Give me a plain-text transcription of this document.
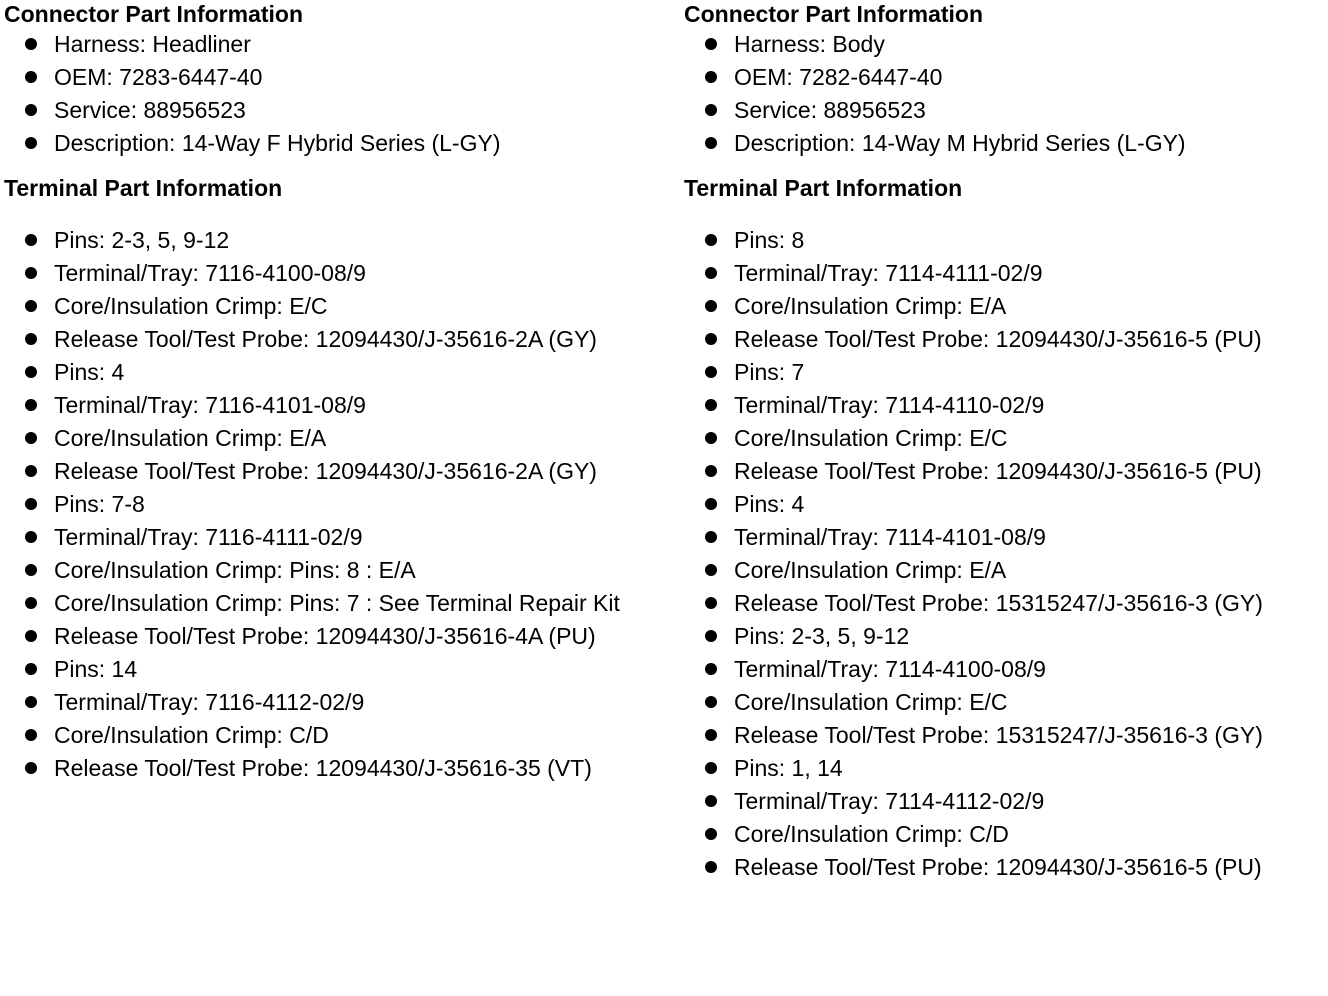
Connector Part Information
Harness: Headliner
OEM: 7283-6447-40
Service: 88956523
Description: 14-Way F Hybrid Series (L-GY)
Terminal Part Information
Pins: 2-3, 5, 9-12
Terminal/Tray: 7116-4100-08/9
Core/Insulation Crimp: E/C
Release Tool/Test Probe: 12094430/J-35616-2A (GY)
Pins: 4
Terminal/Tray: 7116-4101-08/9
Core/Insulation Crimp: E/A
Release Tool/Test Probe: 12094430/J-35616-2A (GY)
Pins: 7-8
Terminal/Tray: 7116-4111-02/9
Core/Insulation Crimp: Pins: 8 : E/A
Core/Insulation Crimp: Pins: 7 : See Terminal Repair Kit
Release Tool/Test Probe: 12094430/J-35616-4A (PU)
Pins: 14
Terminal/Tray: 7116-4112-02/9
Core/Insulation Crimp: C/D
Release Tool/Test Probe: 12094430/J-35616-35 (VT)
Connector Part Information
Harness: Body
OEM: 7282-6447-40
Service: 88956523
Description: 14-Way M Hybrid Series (L-GY)
Terminal Part Information
Pins: 8
Terminal/Tray: 7114-4111-02/9
Core/Insulation Crimp: E/A
Release Tool/Test Probe: 12094430/J-35616-5 (PU)
Pins: 7
Terminal/Tray: 7114-4110-02/9
Core/Insulation Crimp: E/C
Release Tool/Test Probe: 12094430/J-35616-5 (PU)
Pins: 4
Terminal/Tray: 7114-4101-08/9
Core/Insulation Crimp: E/A
Release Tool/Test Probe: 15315247/J-35616-3 (GY)
Pins: 2-3, 5, 9-12
Terminal/Tray: 7114-4100-08/9
Core/Insulation Crimp: E/C
Release Tool/Test Probe: 15315247/J-35616-3 (GY)
Pins: 1, 14
Terminal/Tray: 7114-4112-02/9
Core/Insulation Crimp: C/D
Release Tool/Test Probe: 12094430/J-35616-5 (PU)
